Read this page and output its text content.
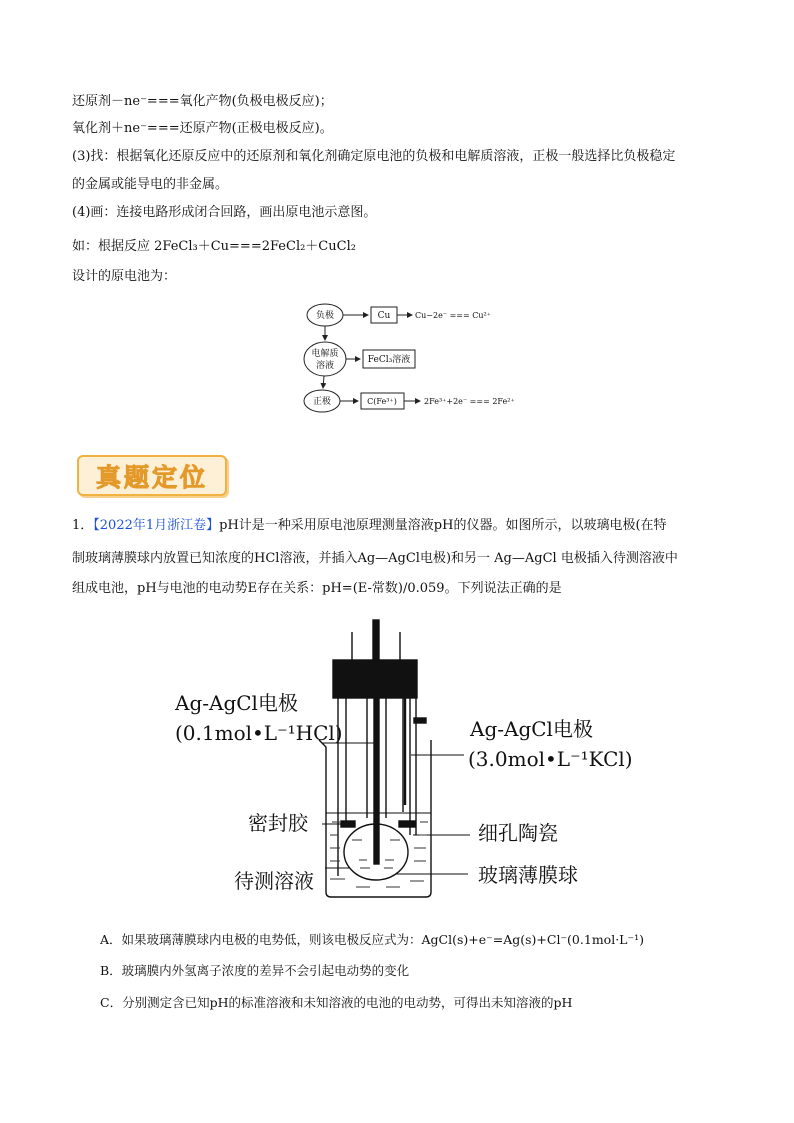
还原剂－ne⁻===氧化产物(负极电极反应)；
氧化剂＋ne⁻===还原产物(正极电极反应)。
(3)找：根据氧化还原反应中的还原剂和氧化剂确定原电池的负极和电解质溶液，正极一般选择比负极稳定
的金属或能导电的非金属。
(4)画：连接电路形成闭合回路，画出原电池示意图。
如：根据反应 2FeCl₃＋Cu===2FeCl₂＋CuCl₂
设计的原电池为：
负极
电解质
溶液
正极
Cu
FeCl₃溶液
C(Fe³⁺)
Cu−2e⁻ === Cu²⁺
2Fe³⁺+2e⁻ === 2Fe²⁺
真题定位
1．【2022年1月浙江卷】pH计是一种采用原电池原理测量溶液pH的仪器。如图所示，以玻璃电极(在特
制玻璃薄膜球内放置已知浓度的HCl溶液，并插入Ag—AgCl电极)和另一 Ag—AgCl 电极插入待测溶液中
组成电池，pH与电池的电动势E存在关系：pH=(E-常数)/0.059。下列说法正确的是
Ag-AgCl电极
(0.1mol•L⁻¹HCl)	Ag-AgCl电极
(3.0mol•L⁻¹KCl)
密封胶
待测溶液
细孔陶瓷
玻璃薄膜球
A．如果玻璃薄膜球内电极的电势低，则该电极反应式为：AgCl(s)+e⁻=Ag(s)+Cl⁻(0.1mol·L⁻¹)
B．玻璃膜内外氢离子浓度的差异不会引起电动势的变化
C．分别测定含已知pH的标准溶液和未知溶液的电池的电动势，可得出未知溶液的pH
